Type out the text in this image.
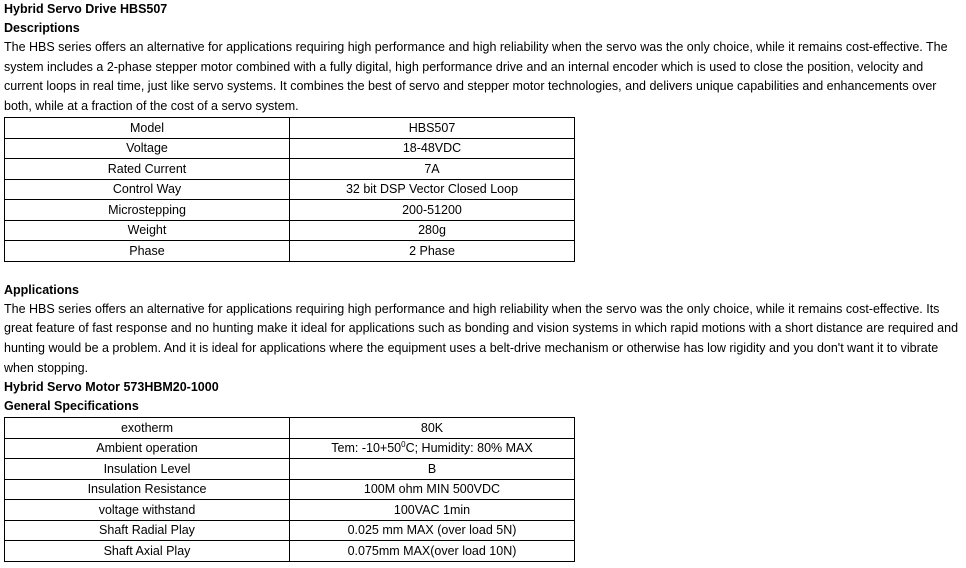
Hybrid Servo Drive HBS507
Descriptions

The HBS series offers an alternative for applications requiring high performance and high reliability when the servo was the only choice, while it remains cost-effective. The system includes a 2-phase stepper motor combined with a fully digital, high performance drive and an internal encoder which is used to close the position, velocity and current loops in real time, just like servo systems. It combines the best of servo and stepper motor technologies, and delivers unique capabilities and enhancements over both, while at a fraction of the cost of a servo system.

Model	HBS507
Voltage	18-48VDC
Rated Current	7A
Control Way	32 bit DSP Vector Closed Loop
Microstepping	200-51200
Weight	280g
Phase	2 Phase
Applications

The HBS series offers an alternative for applications requiring high performance and high reliability when the servo was the only choice, while it remains cost-effective. Its great feature of fast response and no hunting make it ideal for applications such as bonding and vision systems in which rapid motions with a short distance are required and hunting would be a problem. And it is ideal for applications where the equipment uses a belt-drive mechanism or otherwise has low rigidity and you don't want it to vibrate when stopping.

Hybrid Servo Motor 573HBM20-1000
General Specifications
exotherm	80K
Ambient operation	Tem: $-10+50^0C$; Humidity: 80% MAX
Insulation Level	B
Insulation Resistance	100M ohm MIN 500VDC
voltage withstand	100VAC 1min
Shaft Radial Play	0.025 mm MAX (over load 5N)
Shaft Axial Play	0.075mm MAX(over load 10N)
